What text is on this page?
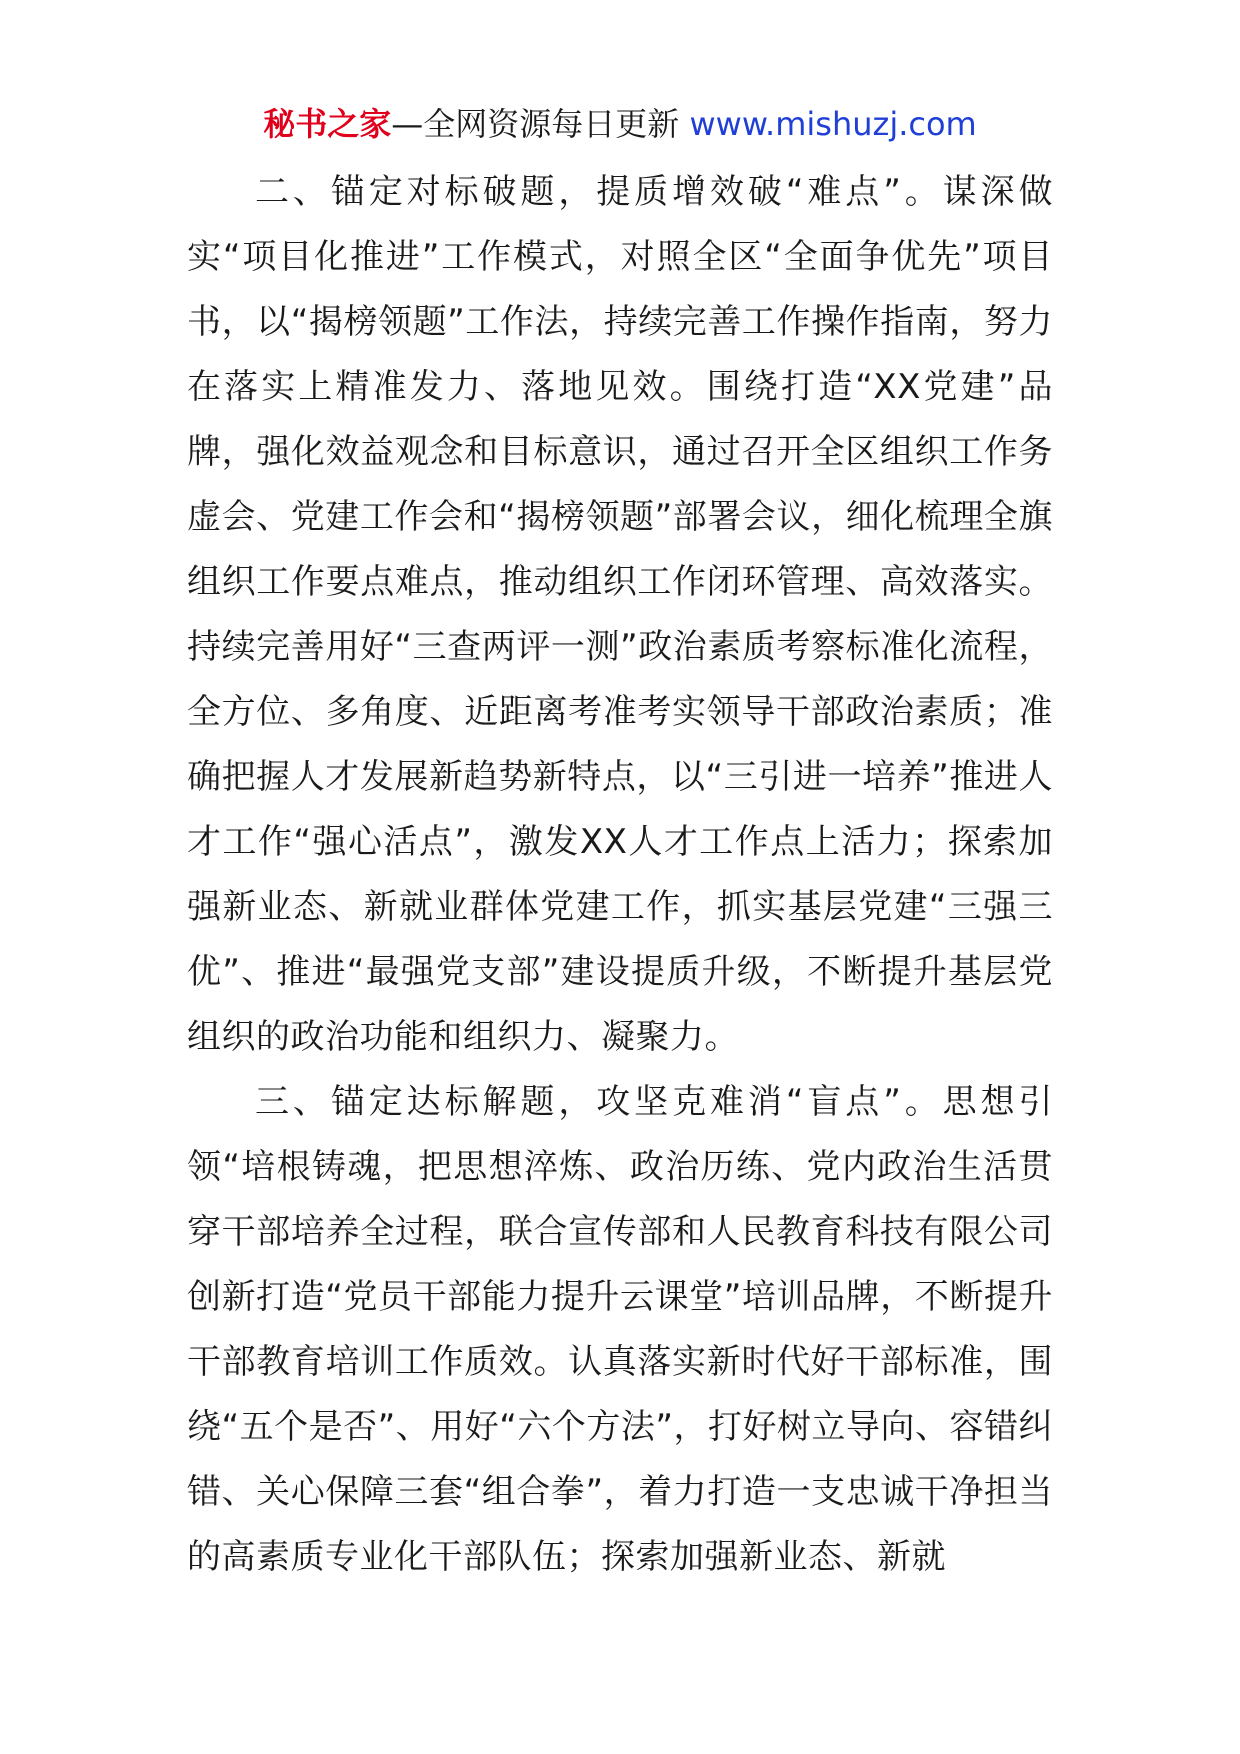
秘书之家—全网资源每日更新 www.mishuzj.com

二、锚定对标破题，提质增效破“难点”。谋深做实“项目化推进”工作模式，对照全区“全面争优先”项目书，以“揭榜领题”工作法，持续完善工作操作指南，努力在落实上精准发力、落地见效。围绕打造“XX党建”品牌，强化效益观念和目标意识，通过召开全区组织工作务虚会、党建工作会和“揭榜领题”部署会议，细化梳理全旗组织工作要点难点，推动组织工作闭环管理、高效落实。持续完善用好“三查两评一测”政治素质考察标准化流程，全方位、多角度、近距离考准考实领导干部政治素质；准确把握人才发展新趋势新特点，以“三引进一培养”推进人才工作“强心活点”，激发XX人才工作点上活力；探索加强新业态、新就业群体党建工作，抓实基层党建“三强三优”、推进“最强党支部”建设提质升级，不断提升基层党组织的政治功能和组织力、凝聚力。

三、锚定达标解题，攻坚克难消“盲点”。思想引领“培根铸魂，把思想淬炼、政治历练、党内政治生活贯穿干部培养全过程，联合宣传部和人民教育科技有限公司创新打造“党员干部能力提升云课堂”培训品牌，不断提升干部教育培训工作质效。认真落实新时代好干部标准，围绕“五个是否”、用好“六个方法”，打好树立导向、容错纠错、关心保障三套“组合拳”，着力打造一支忠诚干净担当的高素质专业化干部队伍；探索加强新业态、新就
